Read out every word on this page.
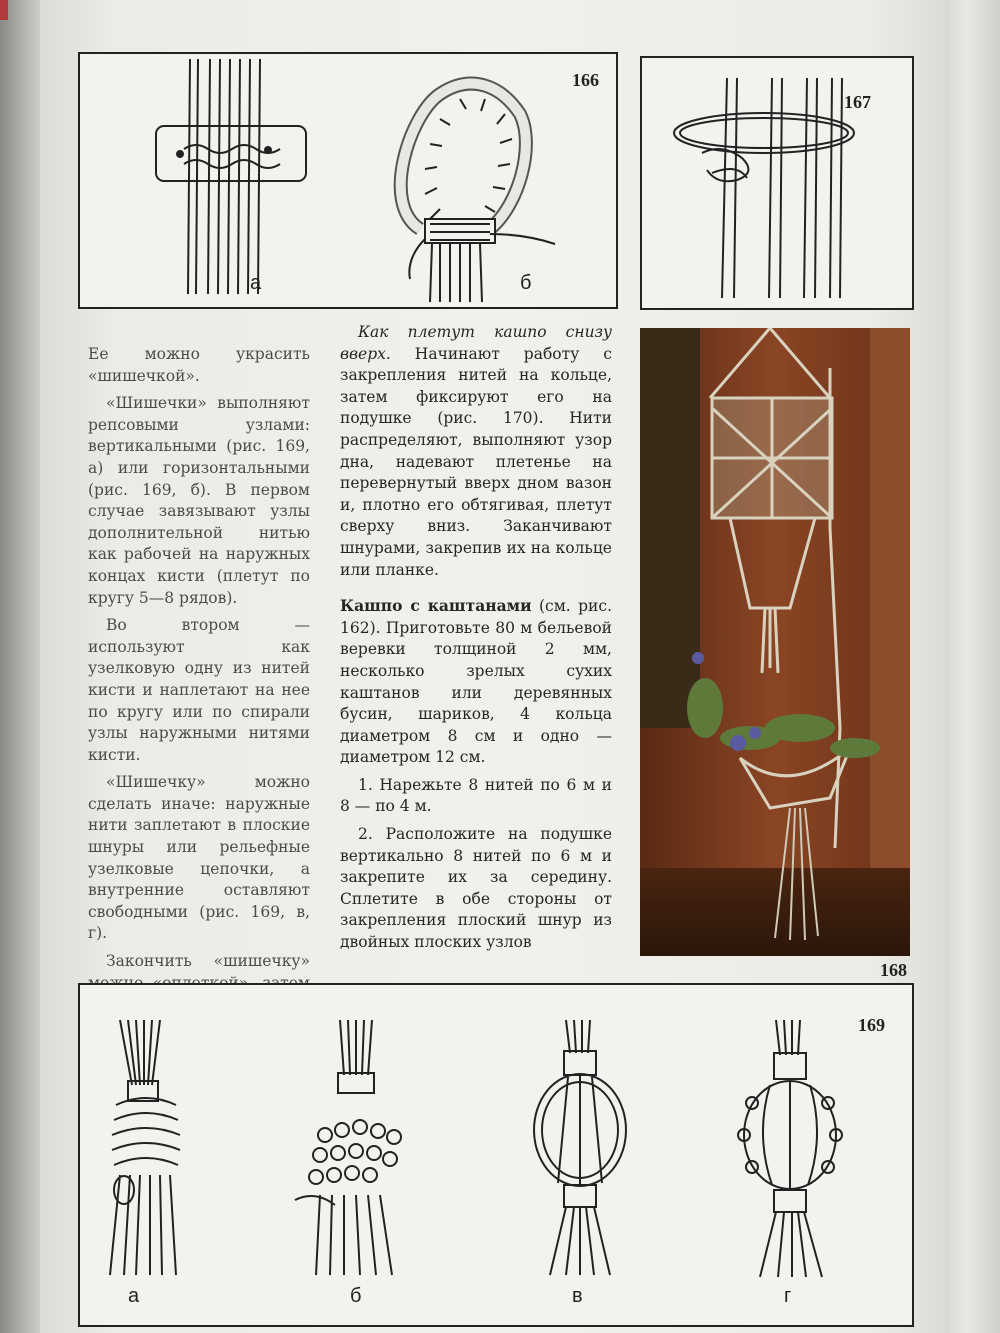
166
а	б
167

Ее можно украсить «шишечкой».

«Шишечки» выполняют репсовыми узлами: вертикальными (рис. 169, а) или горизонтальными (рис. 169, б). В первом случае завязывают узлы дополнительной нитью как рабочей на наружных концах кисти (плетут по кругу 5—8 рядов).

Во втором — используют как узелковую одну из нитей кисти и наплетают на нее по кругу или по спирали узлы наружными нитями кисти.

«Шишечку» можно сделать иначе: наружные нити заплетают в плоские шнуры или рельефные узелковые цепочки, а внутренние оставляют свободными (рис. 169, в, г).

Закончить «шишечку»

Как плетут кашпо снизу вверх. Начинают работу с закрепления нитей на кольце, затем фиксируют его на подушке (рис. 170). Нити распределяют, выполняют узор дна, надевают плетенье на перевернутый вверх дном вазон и, плотно его обтягивая, плетут сверху вниз. Заканчивают шнурами, закрепив их на кольце или планке.

Кашпо с каштанами (см. рис. 162). Приготовьте 80 м бельевой веревки толщиной 2 мм, несколько зрелых сухих каштанов или деревянных бусин, шариков, 4 кольца диаметром 8 см и одно — диаметром 12 см.

1. Нарежьте 8 нитей по 6 м и 8 — по 4 м.

2. Расположите на подушке вертикально 8 нитей по 6 м и закрепите их за середину. Сплетите в обе стороны от закрепления плоский шнур из двойных плоских узлов

168
169
а	б	в	г
